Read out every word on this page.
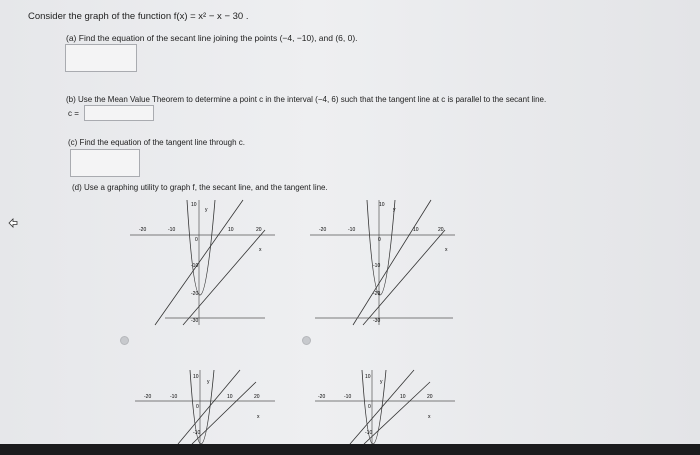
Consider the graph of the function f(x) = x² − x − 30 .
(a) Find the equation of the secant line joining the points (−4, −10), and (6, 0).
(b) Use the Mean Value Theorem to determine a point c in the interval (−4, 6) such that the tangent line at c is parallel to the secant line.
c =
(c) Find the equation of the tangent line through c.
(d) Use a graphing utility to graph f, the secant line, and the tangent line.
10
y
-20	-10	10	20
x
0
-10
-20
-30
10
y
-20	-10	10	20
x
0
-10
-20
-30
10
y
-20	-10	10	20
x
0
-10
10
y
-20	-10	10	20
x
0
-10
